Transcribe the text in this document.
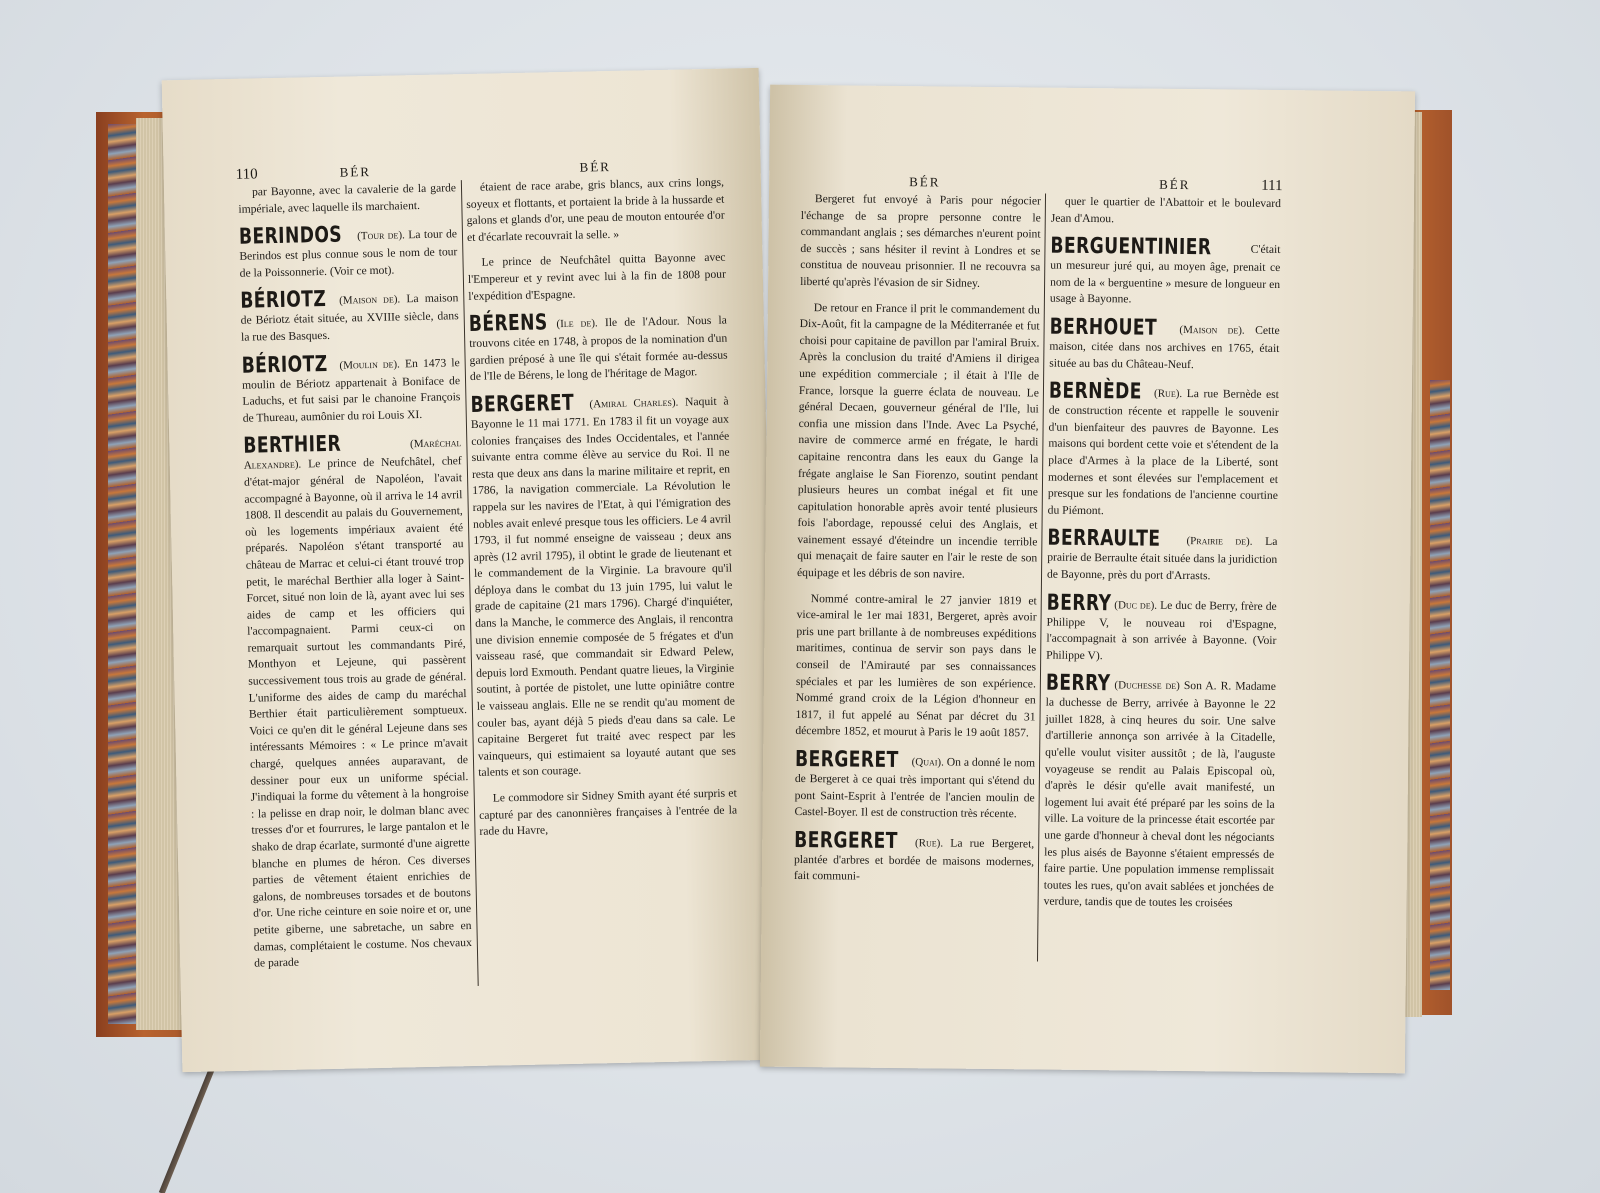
110	BÉR	BÉR

par Bayonne, avec la cavalerie de la garde impériale, avec laquelle ils marchaient.

BERINDOS (Tour de). La tour de Berindos est plus connue sous le nom de tour de la Poissonnerie. (Voir ce mot).

BÉRIOTZ (Maison de). La maison de Bériotz était située, au XVIIIe siècle, dans la rue des Basques.

BÉRIOTZ (Moulin de). En 1473 le moulin de Bériotz appartenait à Boniface de Laduchs, et fut saisi par le chanoine François de Thureau, aumônier du roi Louis XI.

BERTHIER	(Maréchal Alexandre). Le prince de Neufchâtel, chef d'état-major général de Napoléon, l'avait accompagné à Bayonne, où il arriva le 14 avril 1808. Il descendit au palais du Gouvernement, où les logements impériaux avaient été préparés. Napoléon s'étant transporté au château de Marrac et celui-ci étant trouvé trop petit, le maréchal Berthier alla loger à Saint-Forcet, situé non loin de là, ayant avec lui ses aides de camp et les officiers qui l'accompagnaient. Parmi ceux-ci on remarquait surtout les commandants Piré, Monthyon et Lejeune, qui passèrent successivement tous trois au grade de général. L'uniforme des aides de camp du maréchal Berthier était particulièrement somptueux. Voici ce qu'en dit le général Lejeune dans ses intéressants Mémoires : « Le prince m'avait chargé, quelques années auparavant, de dessiner pour eux un uniforme spécial. J'indiquai la forme du vêtement à la hongroise : la pelisse en drap noir, le dolman blanc avec tresses d'or et fourrures, le large pantalon et le shako de drap écarlate, surmonté d'une aigrette blanche en plumes de héron. Ces diverses parties de vêtement étaient enrichies de galons, de nombreuses torsades et de boutons d'or. Une riche ceinture en soie noire et or, une petite giberne, une sabretache, un sabre en damas, complétaient le costume. Nos chevaux de parade

étaient de race arabe, gris blancs, aux crins longs, soyeux et flottants, et portaient la bride à la hussarde et galons et glands d'or, une peau de mouton entourée d'or et d'écarlate recouvrait la selle. »

Le prince de Neufchâtel quitta Bayonne avec l'Empereur et y revint avec lui à la fin de 1808 pour l'expédition d'Espagne.

BÉRENS (Ile de). Ile de l'Adour. Nous la trouvons citée en 1748, à propos de la nomination d'un gardien préposé à une île qui s'était formée au-dessus de l'Ile de Bérens, le long de l'héritage de Magor.

BERGERET (Amiral Charles). Naquit à Bayonne le 11 mai 1771. En 1783 il fit un voyage aux colonies françaises des Indes Occidentales, et l'année suivante entra comme élève au service du Roi. Il ne resta que deux ans dans la marine militaire et reprit, en 1786, la navigation commerciale. La Révolution le rappela sur les navires de l'Etat, à qui l'émigration des nobles avait enlevé presque tous les officiers. Le 4 avril 1793, il fut nommé enseigne de vaisseau ; deux ans après (12 avril 1795), il obtint le grade de lieutenant et le commandement de la Virginie. La bravoure qu'il déploya dans le combat du 13 juin 1795, lui valut le grade de capitaine (21 mars 1796). Chargé d'inquiéter, dans la Manche, le commerce des Anglais, il rencontra une division ennemie composée de 5 frégates et d'un vaisseau rasé, que commandait sir Edward Pelew, depuis lord Exmouth. Pendant quatre lieues, la Virginie soutint, à portée de pistolet, une lutte opiniâtre contre le vaisseau anglais. Elle ne se rendit qu'au moment de couler bas, ayant déjà 5 pieds d'eau dans sa cale. Le capitaine Bergeret fut traité avec respect par les vainqueurs, qui estimaient sa loyauté autant que ses talents et son courage.

Le commodore sir Sidney Smith ayant été surpris et capturé par des canonnières françaises à l'entrée de la rade du Havre,

BÉR	BÉR	111

Bergeret fut envoyé à Paris pour négocier l'échange de sa propre personne contre le commandant anglais ; ses démarches n'eurent point de succès ; sans hésiter il revint à Londres et se constitua de nouveau prisonnier. Il ne recouvra sa liberté qu'après l'évasion de sir Sidney.

De retour en France il prit le commandement du Dix-Août, fit la campagne de la Méditerranée et fut choisi pour capitaine de pavillon par l'amiral Bruix. Après la conclusion du traité d'Amiens il dirigea une expédition commerciale ; il était à l'Ile de France, lorsque la guerre éclata de nouveau. Le général Decaen, gouverneur général de l'Ile, lui confia une mission dans l'Inde. Avec La Psyché, navire de commerce armé en frégate, le hardi capitaine rencontra dans les eaux du Gange la frégate anglaise le San Fiorenzo, soutint pendant plusieurs heures un combat inégal et fit une capitulation honorable après avoir tenté plusieurs fois l'abordage, repoussé celui des Anglais, et vainement essayé d'éteindre un incendie terrible qui menaçait de faire sauter en l'air le reste de son équipage et les débris de son navire.

Nommé contre-amiral le 27 janvier 1819 et vice-amiral le 1er mai 1831, Bergeret, après avoir pris une part brillante à de nombreuses expéditions maritimes, continua de servir son pays dans le conseil de l'Amirauté par ses connaissances spéciales et par les lumières de son expérience. Nommé grand croix de la Légion d'honneur en 1817, il fut appelé au Sénat par décret du 31 décembre 1852, et mourut à Paris le 19 août 1857.

BERGERET (Quai). On a donné le nom de Bergeret à ce quai très important qui s'étend du pont Saint-Esprit à l'entrée de l'ancien moulin de Castel-Boyer. Il est de construction très récente.

BERGERET (Rue). La rue Bergeret, plantée d'arbres et bordée de maisons modernes, fait communi-

quer le quartier de l'Abattoir et le boulevard Jean d'Amou.

BERGUENTINIER	C'était un mesureur juré qui, au moyen âge, prenait ce nom de la « berguentine » mesure de longueur en usage à Bayonne.

BERHOUET (Maison de). Cette maison, citée dans nos archives en 1765, était située au bas du Château-Neuf.

BERNÈDE (Rue). La rue Bernède est de construction récente et rappelle le souvenir d'un bienfaiteur des pauvres de Bayonne. Les maisons qui bordent cette voie et s'étendent de la place d'Armes à la place de la Liberté, sont modernes et sont élevées sur l'emplacement et presque sur les fondations de l'ancienne courtine du Piémont.

BERRAULTE (Prairie de). La prairie de Berraulte était située dans la juridiction de Bayonne, près du port d'Arrasts.

BERRY (Duc de). Le duc de Berry, frère de Philippe V, le nouveau roi d'Espagne, l'accompagnait à son arrivée à Bayonne. (Voir Philippe V).

BERRY (Duchesse de) Son A. R. Madame la duchesse de Berry, arrivée à Bayonne le 22 juillet 1828, à cinq heures du soir. Une salve d'artillerie annonça son arrivée à la Citadelle, qu'elle voulut visiter aussitôt ; de là, l'auguste voyageuse se rendit au Palais Episcopal où, d'après le désir qu'elle avait manifesté, un logement lui avait été préparé par les soins de la ville. La voiture de la princesse était escortée par une garde d'honneur à cheval dont les négociants les plus aisés de Bayonne s'étaient empressés de faire partie. Une population immense remplissait toutes les rues, qu'on avait sablées et jonchées de verdure, tandis que de toutes les croisées
